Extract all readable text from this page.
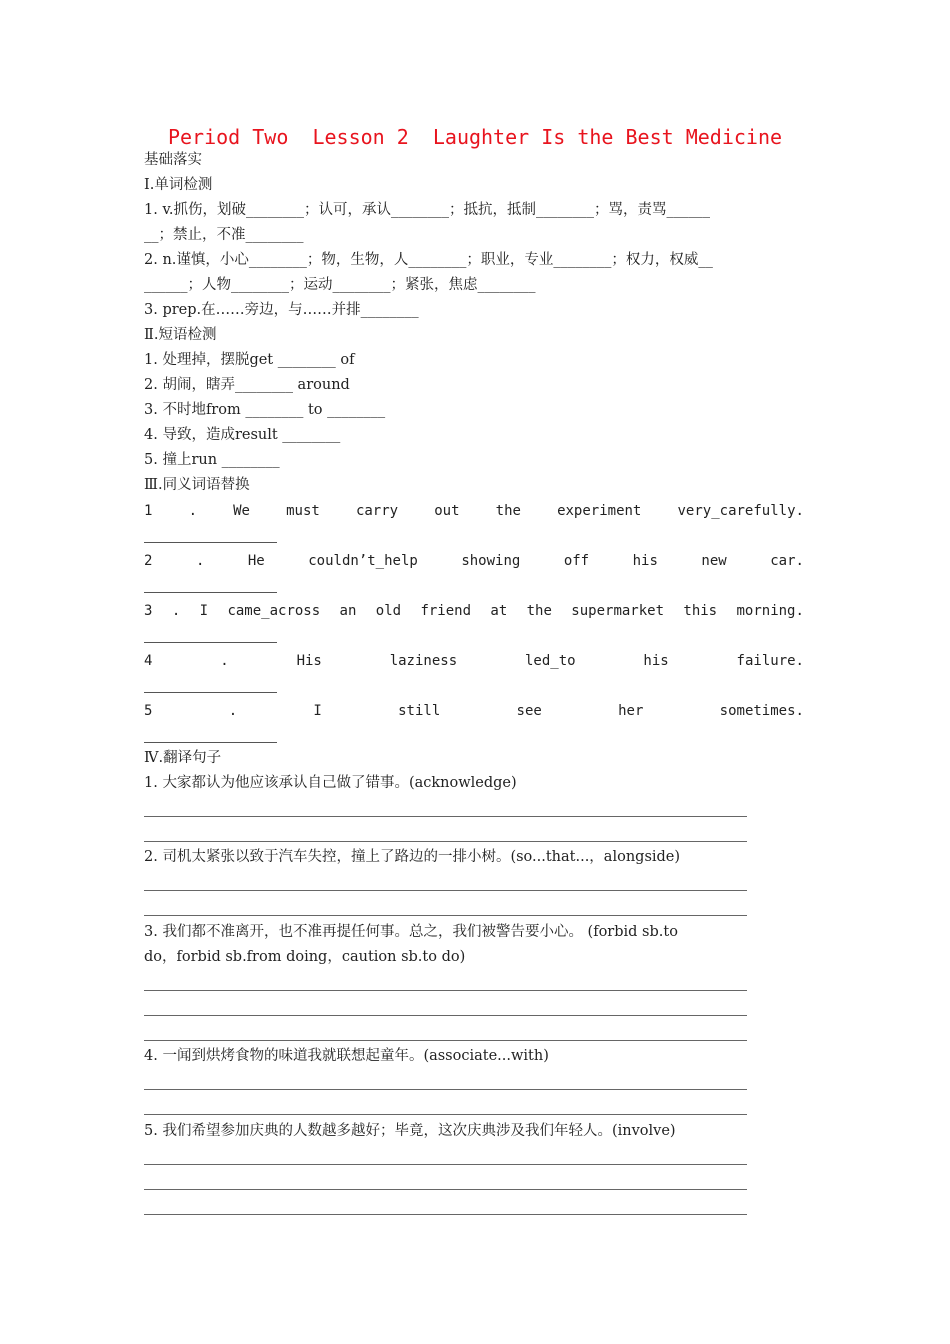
Period Two  Lesson 2  Laughter Is the Best Medicine
基础落实
Ⅰ.单词检测
1. v.抓伤，划破________；认可，承认________；抵抗，抵制________；骂，责骂______
__；禁止，不准________
2. n.谨慎，小心________；物，生物，人________；职业，专业________；权力，权威__
______；人物________；运动________；紧张，焦虑________
3. prep.在……旁边，与……并排________
Ⅱ.短语检测
1. 处理掉，摆脱get ________ of
2. 胡闹，瞎弄________ around
3. 不时地from ________ to ________
4. 导致，造成result ________
5. 撞上run ________
Ⅲ.同义词语替换
1	.	We	must	carry	out	the	experiment	very_carefully.
2	.	He	couldn’t_help	showing	off	his	new	car.
3 . I came_across an old friend at the supermarket this morning.
4	.	His	laziness	led_to	his	failure.
5	.	I	still	see	her	sometimes.
Ⅳ.翻译句子
1. 大家都认为他应该承认自己做了错事。(acknowledge)
2. 司机太紧张以致于汽车失控，撞上了路边的一排小树。(so...that...，alongside)
3. 我们都不准离开，也不准再提任何事。总之，我们被警告要小心。 (forbid sb.to
do，forbid sb.from doing，caution sb.to do)
4. 一闻到烘烤食物的味道我就联想起童年。(associate...with)
5. 我们希望参加庆典的人数越多越好；毕竟，这次庆典涉及我们年轻人。(involve)
